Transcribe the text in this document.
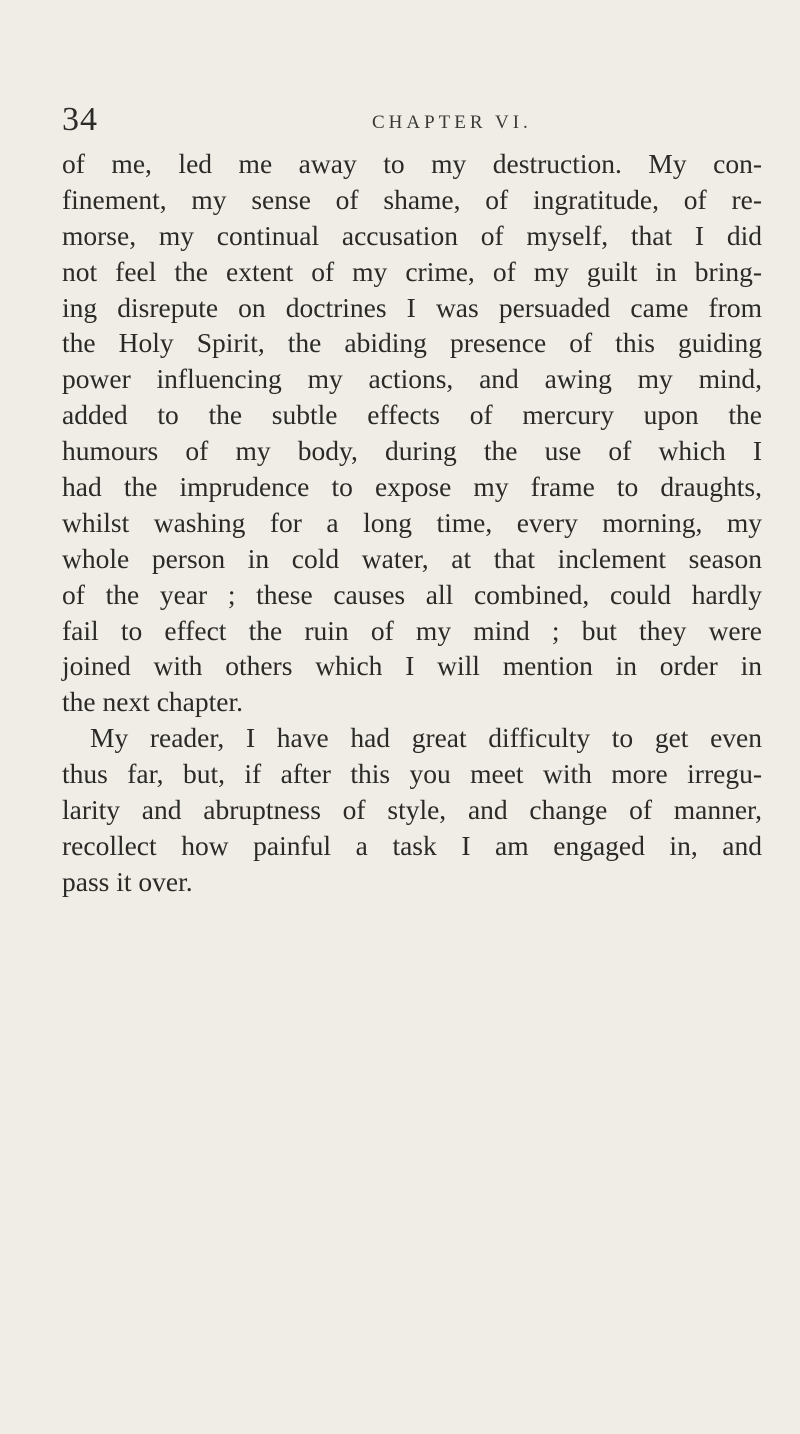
34	CHAPTER VI.
of me, led me away to my destruction. My con-
finement, my sense of shame, of ingratitude, of re-
morse, my continual accusation of myself, that I did
not feel the extent of my crime, of my guilt in bring-
ing disrepute on doctrines I was persuaded came from
the Holy Spirit, the abiding presence of this guiding
power influencing my actions, and awing my mind,
added to the subtle effects of mercury upon the
humours of my body, during the use of which I
had the imprudence to expose my frame to draughts,
whilst washing for a long time, every morning, my
whole person in cold water, at that inclement season
of the year ; these causes all combined, could hardly
fail to effect the ruin of my mind ; but they were
joined with others which I will mention in order in
the next chapter.
My reader, I have had great difficulty to get even
thus far, but, if after this you meet with more irregu-
larity and abruptness of style, and change of manner,
recollect how painful a task I am engaged in, and
pass it over.
